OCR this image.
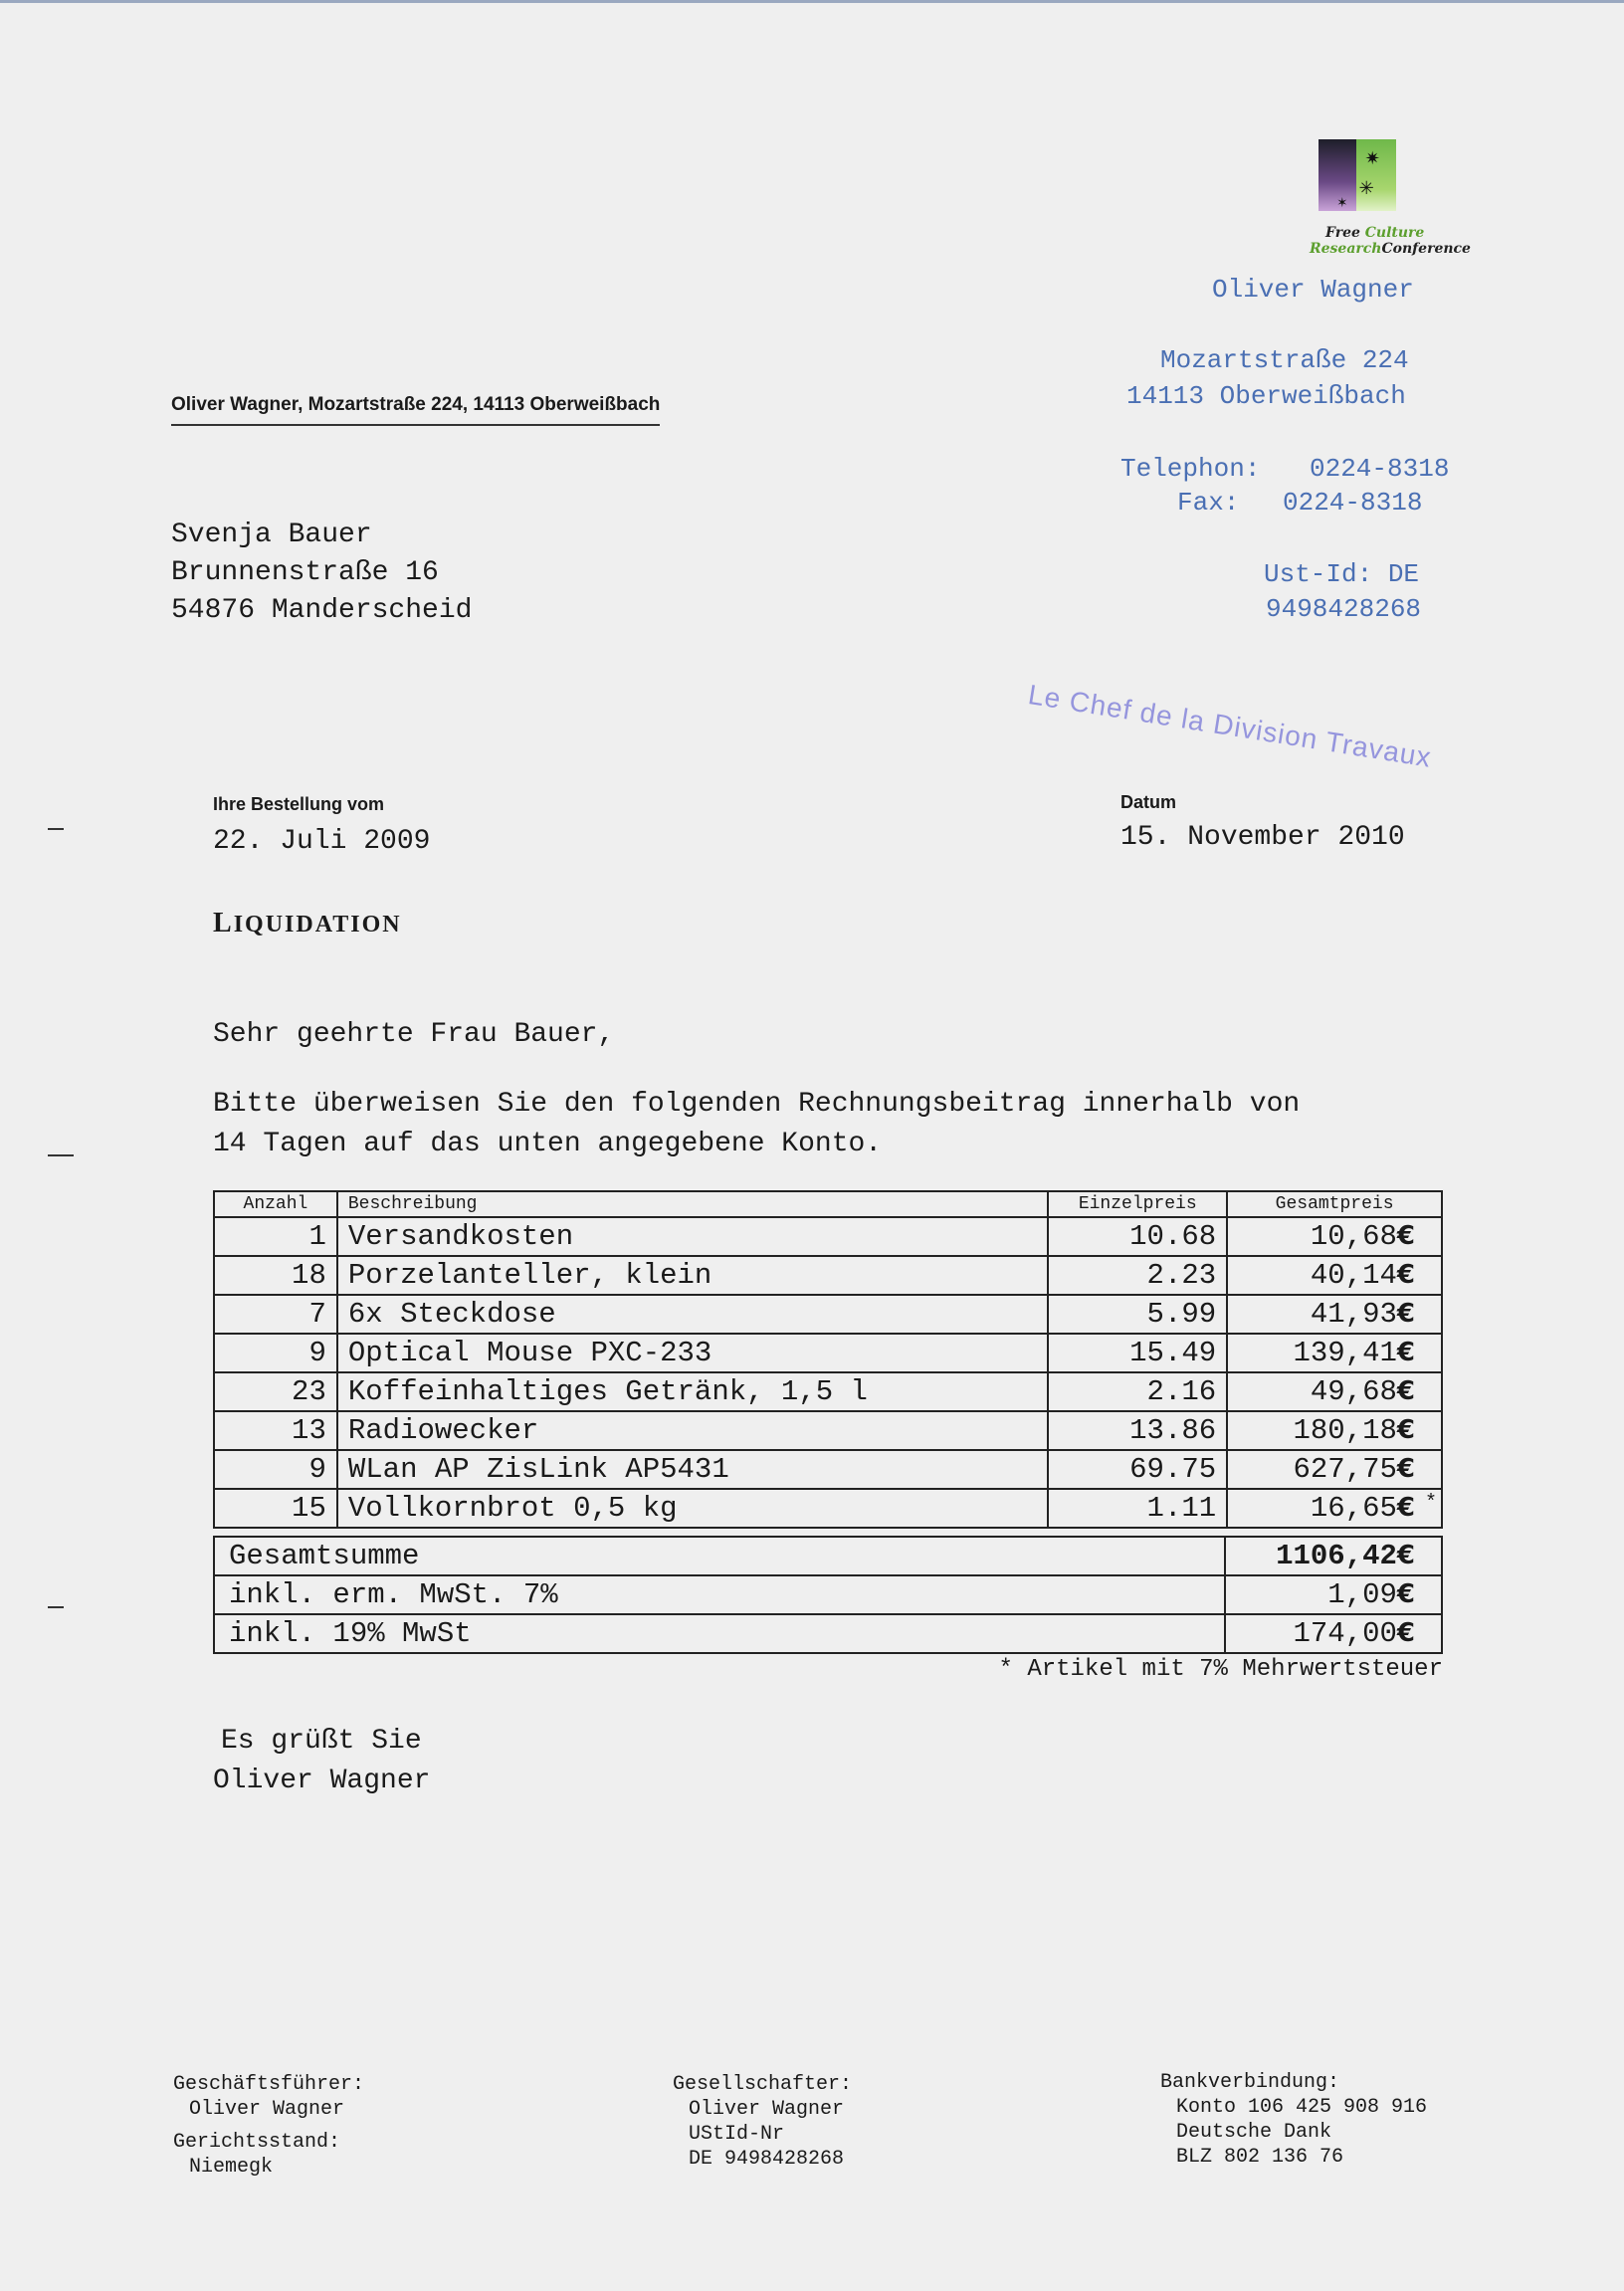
✷
✳
✶
Free Culture
ResearchConference
Oliver Wagner
Mozartstraße 224
14113 Oberweißbach
Telephon: 0224-8318
Fax: 0224-8318
Ust-Id: DE
9498428268
Oliver Wagner, Mozartstraße 224, 14113 Oberweißbach
Svenja Bauer
Brunnenstraße 16
54876 Manderscheid
Le Chef de la Division Travaux
Ihre Bestellung vom
22. Juli 2009
Datum
15. November 2010
LIQUIDATION
Sehr geehrte Frau Bauer,
Bitte überweisen Sie den folgenden Rechnungsbeitrag innerhalb von
14 Tagen auf das unten angegebene Konto.
Anzahl	Beschreibung	Einzelpreis	Gesamtpreis
1	Versandkosten	10.68	10,68€

18	Porzelanteller, klein	2.23	40,14€

7	6x Steckdose	5.99	41,93€

9	Optical Mouse PXC-233	15.49	139,41€

23	Koffeinhaltiges Getränk, 1,5 l	2.16	49,68€

13	Radiowecker	13.86	180,18€

9	WLan AP ZisLink AP5431	69.75	627,75€

15	Vollkornbrot 0,5 kg	1.11	16,65€ *
Gesamtsumme	1106,42€
inkl. erm. MwSt. 7%	1,09€
inkl. 19% MwSt	174,00€
* Artikel mit 7% Mehrwertsteuer
Es grüßt Sie
Oliver Wagner
Geschäftsführer:
Oliver Wagner
Gerichtsstand:
Niemegk
Gesellschafter:
Oliver Wagner
UStId-Nr
DE 9498428268
Bankverbindung:
Konto 106 425 908 916
Deutsche Dank
BLZ 802 136 76
